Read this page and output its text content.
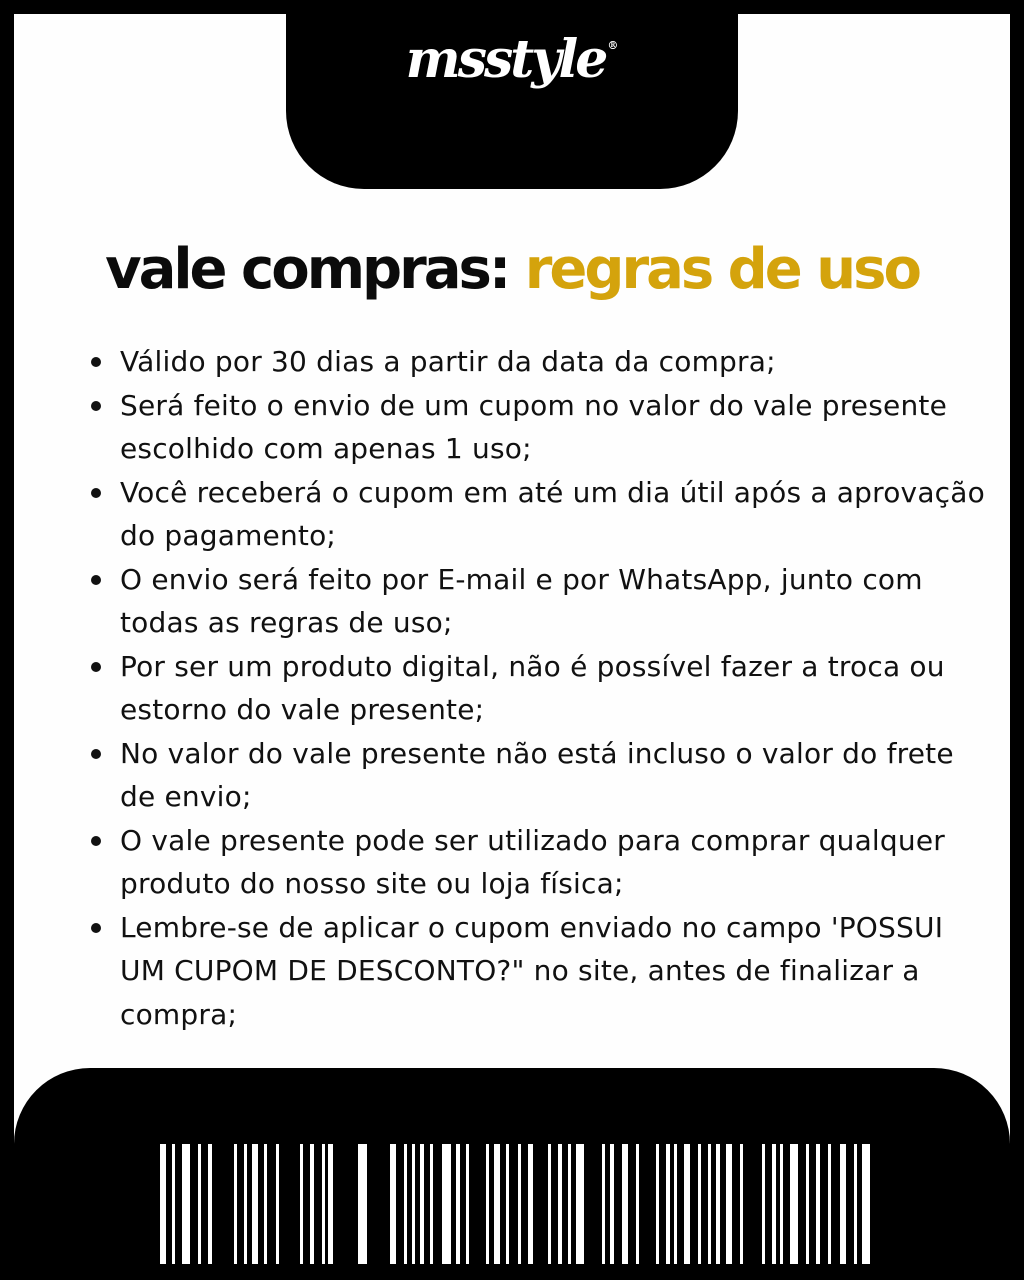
msstyle ®
vale compras: regras de uso
Válido por 30 dias a partir da data da compra;
Será feito o envio de um cupom no valor do vale presente escolhido com apenas 1 uso;
Você receberá o cupom em até um dia útil após a aprovação do pagamento;
O envio será feito por E-mail e por WhatsApp, junto com todas as regras de uso;
Por ser um produto digital, não é possível fazer a troca ou estorno do vale presente;
No valor do vale presente não está incluso o valor do frete de envio;
O vale presente pode ser utilizado para comprar qualquer produto do nosso site ou loja física;
Lembre-se de aplicar o cupom enviado no campo 'POSSUI UM CUPOM DE DESCONTO?" no site, antes de finalizar a compra;
